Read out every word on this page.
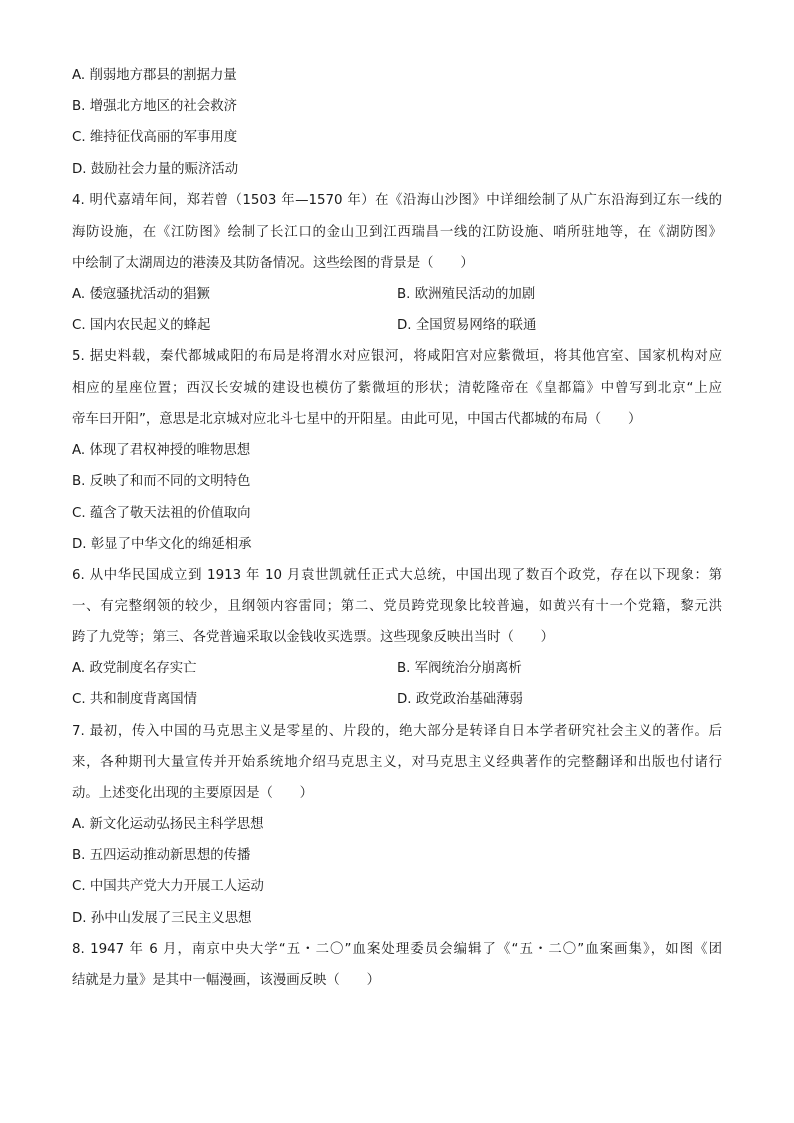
A. 削弱地方郡县的割据力量
B. 增强北方地区的社会救济
C. 维持征伐高丽的军事用度
D. 鼓励社会力量的赈济活动
4. 明代嘉靖年间，郑若曾（1503 年—1570 年）在《沿海山沙图》中详细绘制了从广东沿海到辽东一线的
海防设施，在《江防图》绘制了长江口的金山卫到江西瑞昌一线的江防设施、哨所驻地等，在《湖防图》
中绘制了太湖周边的港湊及其防备情况。这些绘图的背景是（　　）
A. 倭寇骚扰活动的猖獗	B. 欧洲殖民活动的加剧
C. 国内农民起义的蜂起	D. 全国贸易网络的联通
5. 据史料载，秦代都城咸阳的布局是将渭水对应银河，将咸阳宫对应紫微垣，将其他宫室、国家机构对应
相应的星座位置；西汉长安城的建设也模仿了紫微垣的形状；清乾隆帝在《皇都篇》中曾写到北京“上应
帝车曰开阳”，意思是北京城对应北斗七星中的开阳星。由此可见，中国古代都城的布局（　　）
A. 体现了君权神授的唯物思想
B. 反映了和而不同的文明特色
C. 蕴含了敬天法祖的价值取向
D. 彰显了中华文化的绵延相承
6. 从中华民国成立到 1913 年 10 月袁世凯就任正式大总统，中国出现了数百个政党，存在以下现象：第
一、有完整纲领的较少，且纲领内容雷同；第二、党员跨党现象比较普遍，如黄兴有十一个党籍，黎元洪
跨了九党等；第三、各党普遍采取以金钱收买选票。这些现象反映出当时（　　）
A. 政党制度名存实亡	B. 军阀统治分崩离析
C. 共和制度背离国情	D. 政党政治基础薄弱
7. 最初，传入中国的马克思主义是零星的、片段的，绝大部分是转译自日本学者研究社会主义的著作。后
来，各种期刊大量宣传并开始系统地介绍马克思主义，对马克思主义经典著作的完整翻译和出版也付诸行
动。上述变化出现的主要原因是（　　）
A. 新文化运动弘扬民主科学思想
B. 五四运动推动新思想的传播
C. 中国共产党大力开展工人运动
D. 孙中山发展了三民主义思想
8. 1947 年 6 月，南京中央大学“五・二〇”血案处理委员会编辑了《“五・二〇”血案画集》，如图《团
结就是力量》是其中一幅漫画，该漫画反映（　　）
